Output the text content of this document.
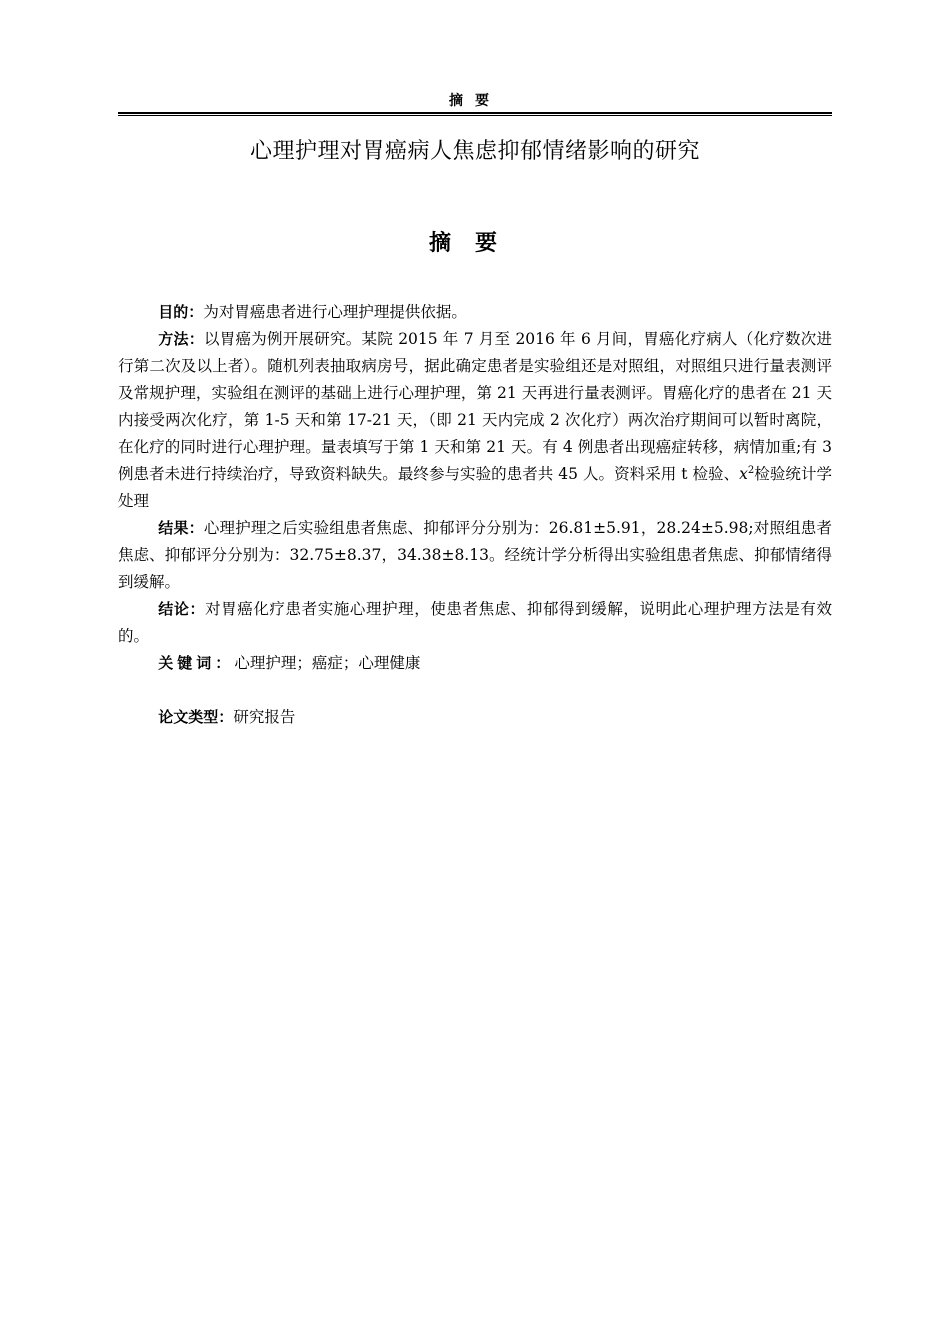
摘要
心理护理对胃癌病人焦虑抑郁情绪影响的研究
摘要

目的：为对胃癌患者进行心理护理提供依据。

方法：以胃癌为例开展研究。某院 2015 年 7 月至 2016 年 6 月间，胃癌化疗病人（化疗数次进行第二次及以上者）。随机列表抽取病房号，据此确定患者是实验组还是对照组，对照组只进行量表测评及常规护理，实验组在测评的基础上进行心理护理，第 21 天再进行量表测评。胃癌化疗的患者在 21 天内接受两次化疗，第 1-5 天和第 17-21 天，（即 21 天内完成 2 次化疗）两次治疗期间可以暂时离院，在化疗的同时进行心理护理。量表填写于第 1 天和第 21 天。有 4 例患者出现癌症转移，病情加重;有 3 例患者未进行持续治疗，导致资料缺失。最终参与实验的患者共 45 人。资料采用 t 检验、$x^2$检验统计学处理

结果：心理护理之后实验组患者焦虑、抑郁评分分别为：26.81±5.91，28.24±5.98;对照组患者焦虑、抑郁评分分别为：32.75±8.37，34.38±8.13。经统计学分析得出实验组患者焦虑、抑郁情绪得到缓解。

结论：对胃癌化疗患者实施心理护理，使患者焦虑、抑郁得到缓解，说明此心理护理方法是有效的。

关键词：心理护理；癌症；心理健康

论文类型：研究报告
